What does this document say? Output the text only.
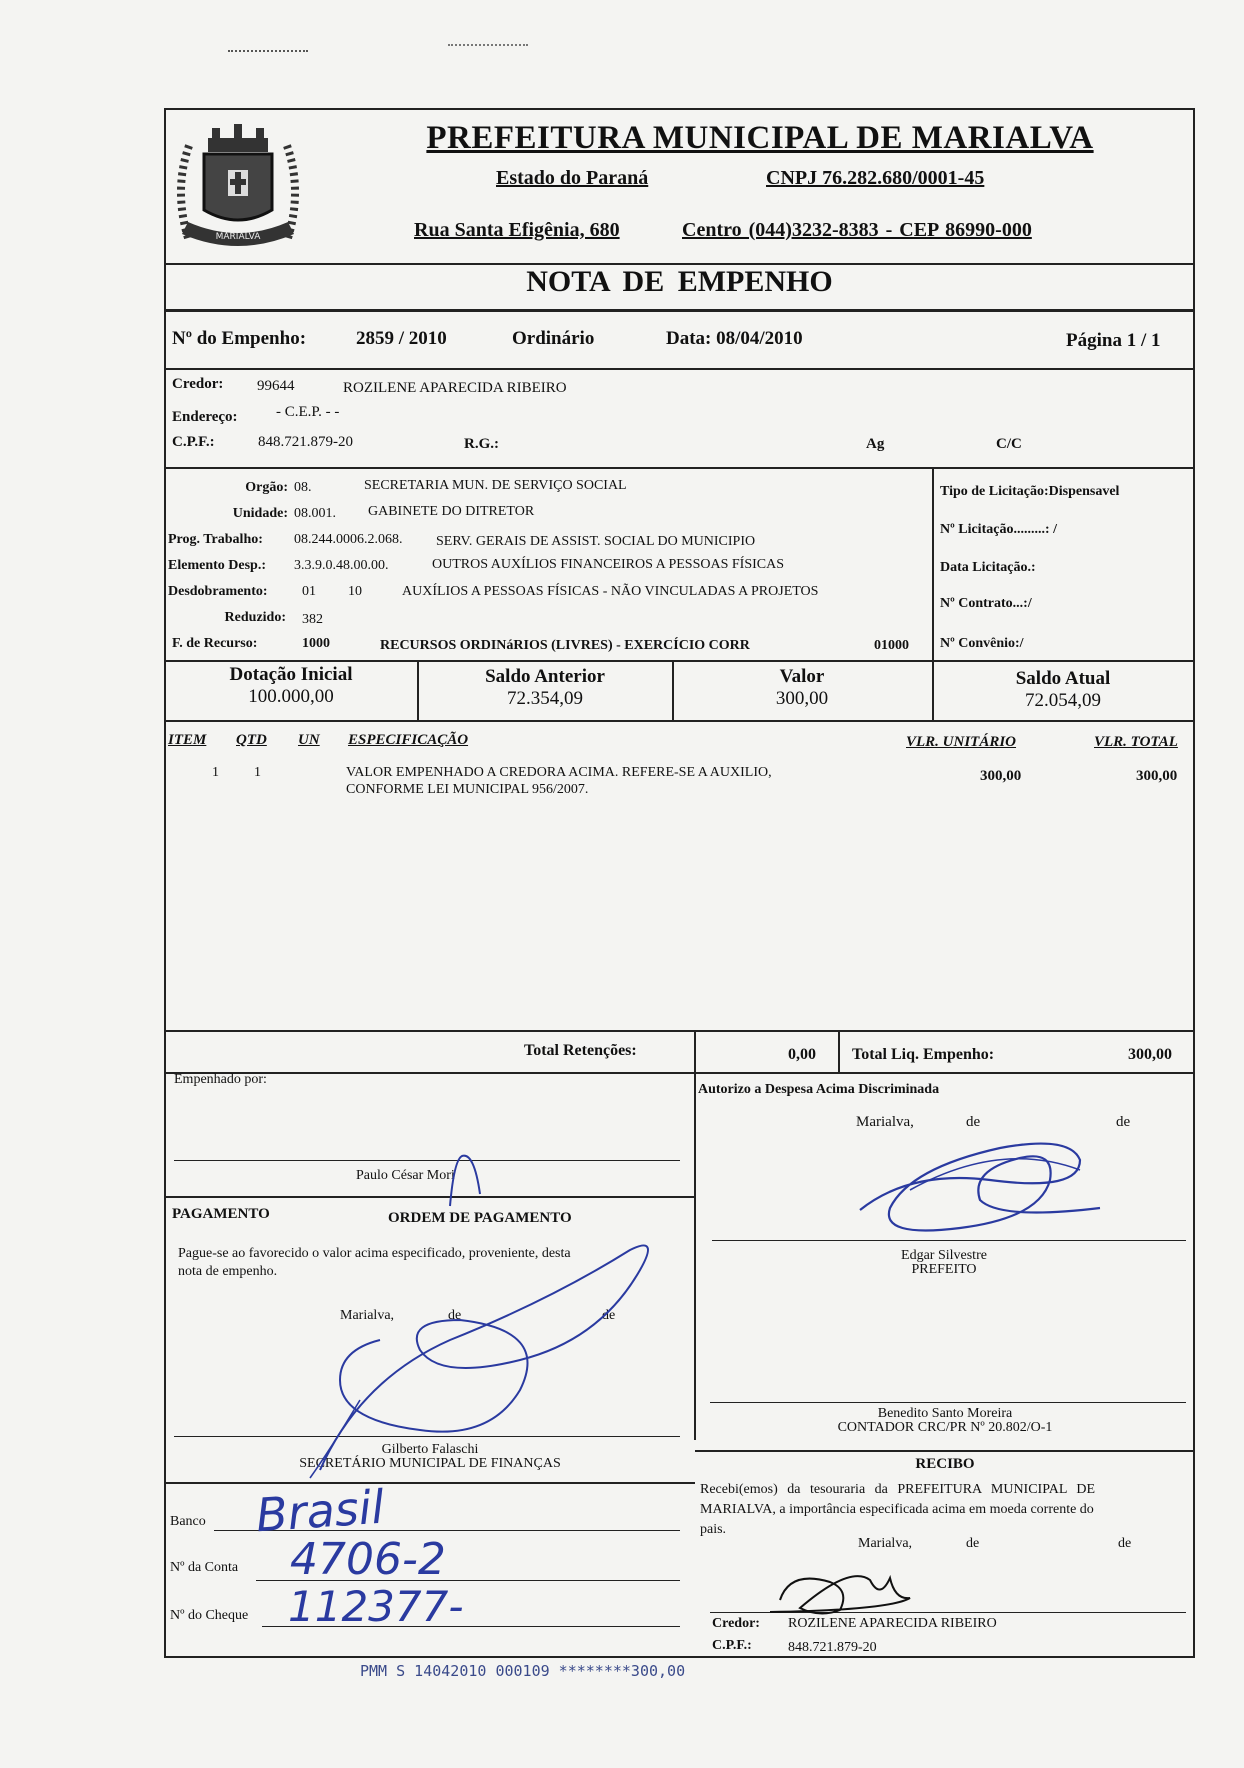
MARIALVA
PREFEITURA MUNICIPAL DE MARIALVA
Estado do Paraná	CNPJ 76.282.680/0001-45
Rua Santa Efigênia, 680	Centro (044)3232-8383 - CEP 86990-000
NOTA DE EMPENHO
Nº do Empenho:	2859 / 2010	Ordinário	Data: 08/04/2010	Página 1 / 1
Credor: 99644	ROZILENE APARECIDA RIBEIRO
Endereço:	- C.E.P. - -
C.P.F.:	848.721.879-20	R.G.:	Ag	C/C
Orgão: 08.	SECRETARIA MUN. DE SERVIÇO SOCIAL
Unidade: 08.001. GABINETE DO DITRETOR
Prog. Trabalho: 08.244.0006.2.068. SERV. GERAIS DE ASSIST. SOCIAL DO MUNICIPIO
Elemento Desp.: 3.3.9.0.48.00.00.	OUTROS AUXÍLIOS FINANCEIROS A PESSOAS FÍSICAS
Desdobramento: 01 10	AUXÍLIOS A PESSOAS FÍSICAS - NÃO VINCULADAS A PROJETOS
Reduzido: 382
F. de Recurso:	1000	RECURSOS ORDINáRIOS (LIVRES) - EXERCÍCIO CORR	01000
Tipo de Licitação:Dispensavel
Nº Licitação.........: /
Data Licitação.:
Nº Contrato...:/
Nº Convênio:/
Dotação Inicial
100.000,00
Saldo Anterior
72.354,09
Valor
300,00
Saldo Atual
72.054,09
ITEM QTD UN ESPECIFICAÇÃO	VLR. UNITÁRIO	VLR. TOTAL
1	1	VALOR EMPENHADO A CREDORA ACIMA. REFERE-SE A AUXILIO,
CONFORME LEI MUNICIPAL 956/2007.
300,00	300,00
Total Retenções:	0,00 Total Liq. Empenho:	300,00
Empenhado por:
Paulo César Mori
Autorizo a Despesa Acima Discriminada
Marialva,	de	de
Edgar Silvestre
PREFEITO
PAGAMENTO	ORDEM DE PAGAMENTO
Pague-se ao favorecido o valor acima especificado, proveniente, desta
nota de empenho.
Marialva,	de	de
Gilberto Falaschi
SECRETÁRIO MUNICIPAL DE FINANÇAS
Benedito Santo Moreira
CONTADOR CRC/PR Nº 20.802/O-1
RECIBO
Recebi(emos) da tesouraria da PREFEITURA MUNICIPAL DE
MARIALVA, a importância especificada acima em moeda corrente do
pais.
Marialva,	de	de
Credor: ROZILENE APARECIDA RIBEIRO
C.P.F.:	848.721.879-20
Banco Brasil
Nº da Conta 4706-2
Nº do Cheque 112377-
PMM S 14042010 000109 ********300,00
